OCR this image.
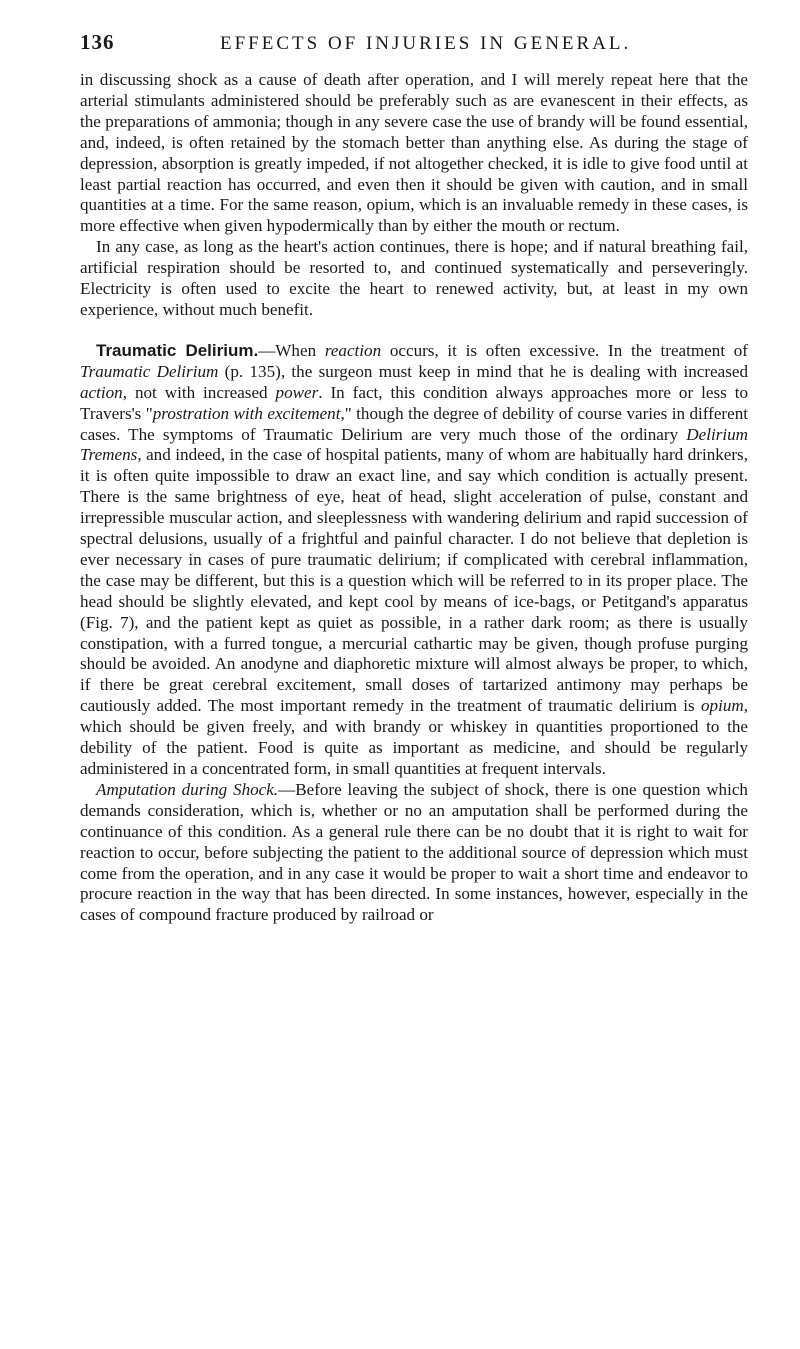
136	EFFECTS OF INJURIES IN GENERAL.

in discussing shock as a cause of death after operation, and I will merely repeat here that the arterial stimulants administered should be preferably such as are evanescent in their effects, as the preparations of ammonia; though in any severe case the use of brandy will be found essential, and, indeed, is often retained by the stomach better than anything else. As during the stage of depression, absorption is greatly impeded, if not altogether checked, it is idle to give food until at least partial reaction has occurred, and even then it should be given with caution, and in small quantities at a time. For the same reason, opium, which is an invaluable remedy in these cases, is more effective when given hypodermically than by either the mouth or rectum.

In any case, as long as the heart's action continues, there is hope; and if natural breathing fail, artificial respiration should be resorted to, and continued systematically and perseveringly. Electricity is often used to excite the heart to renewed activity, but, at least in my own experience, without much benefit.

Traumatic Delirium.—When reaction occurs, it is often excessive. In the treatment of Traumatic Delirium (p. 135), the surgeon must keep in mind that he is dealing with increased action, not with increased power. In fact, this condition always approaches more or less to Travers's "prostration with excitement," though the degree of debility of course varies in different cases. The symptoms of Traumatic Delirium are very much those of the ordinary Delirium Tremens, and indeed, in the case of hospital patients, many of whom are habitually hard drinkers, it is often quite impossible to draw an exact line, and say which condition is actually present. There is the same brightness of eye, heat of head, slight acceleration of pulse, constant and irrepressible muscular action, and sleeplessness with wandering delirium and rapid succession of spectral delusions, usually of a frightful and painful character. I do not believe that depletion is ever necessary in cases of pure traumatic delirium; if complicated with cerebral inflammation, the case may be different, but this is a question which will be referred to in its proper place. The head should be slightly elevated, and kept cool by means of ice-bags, or Petitgand's apparatus (Fig. 7), and the patient kept as quiet as possible, in a rather dark room; as there is usually constipation, with a furred tongue, a mercurial cathartic may be given, though profuse purging should be avoided. An anodyne and diaphoretic mixture will almost always be proper, to which, if there be great cerebral excitement, small doses of tartarized antimony may perhaps be cautiously added. The most important remedy in the treatment of traumatic delirium is opium, which should be given freely, and with brandy or whiskey in quantities proportioned to the debility of the patient. Food is quite as important as medicine, and should be regularly administered in a concentrated form, in small quantities at frequent intervals.

Amputation during Shock.—Before leaving the subject of shock, there is one question which demands consideration, which is, whether or no an amputation shall be performed during the continuance of this condition. As a general rule there can be no doubt that it is right to wait for reaction to occur, before subjecting the patient to the additional source of depression which must come from the operation, and in any case it would be proper to wait a short time and endeavor to procure reaction in the way that has been directed. In some instances, however, especially in the cases of compound fracture produced by railroad or
